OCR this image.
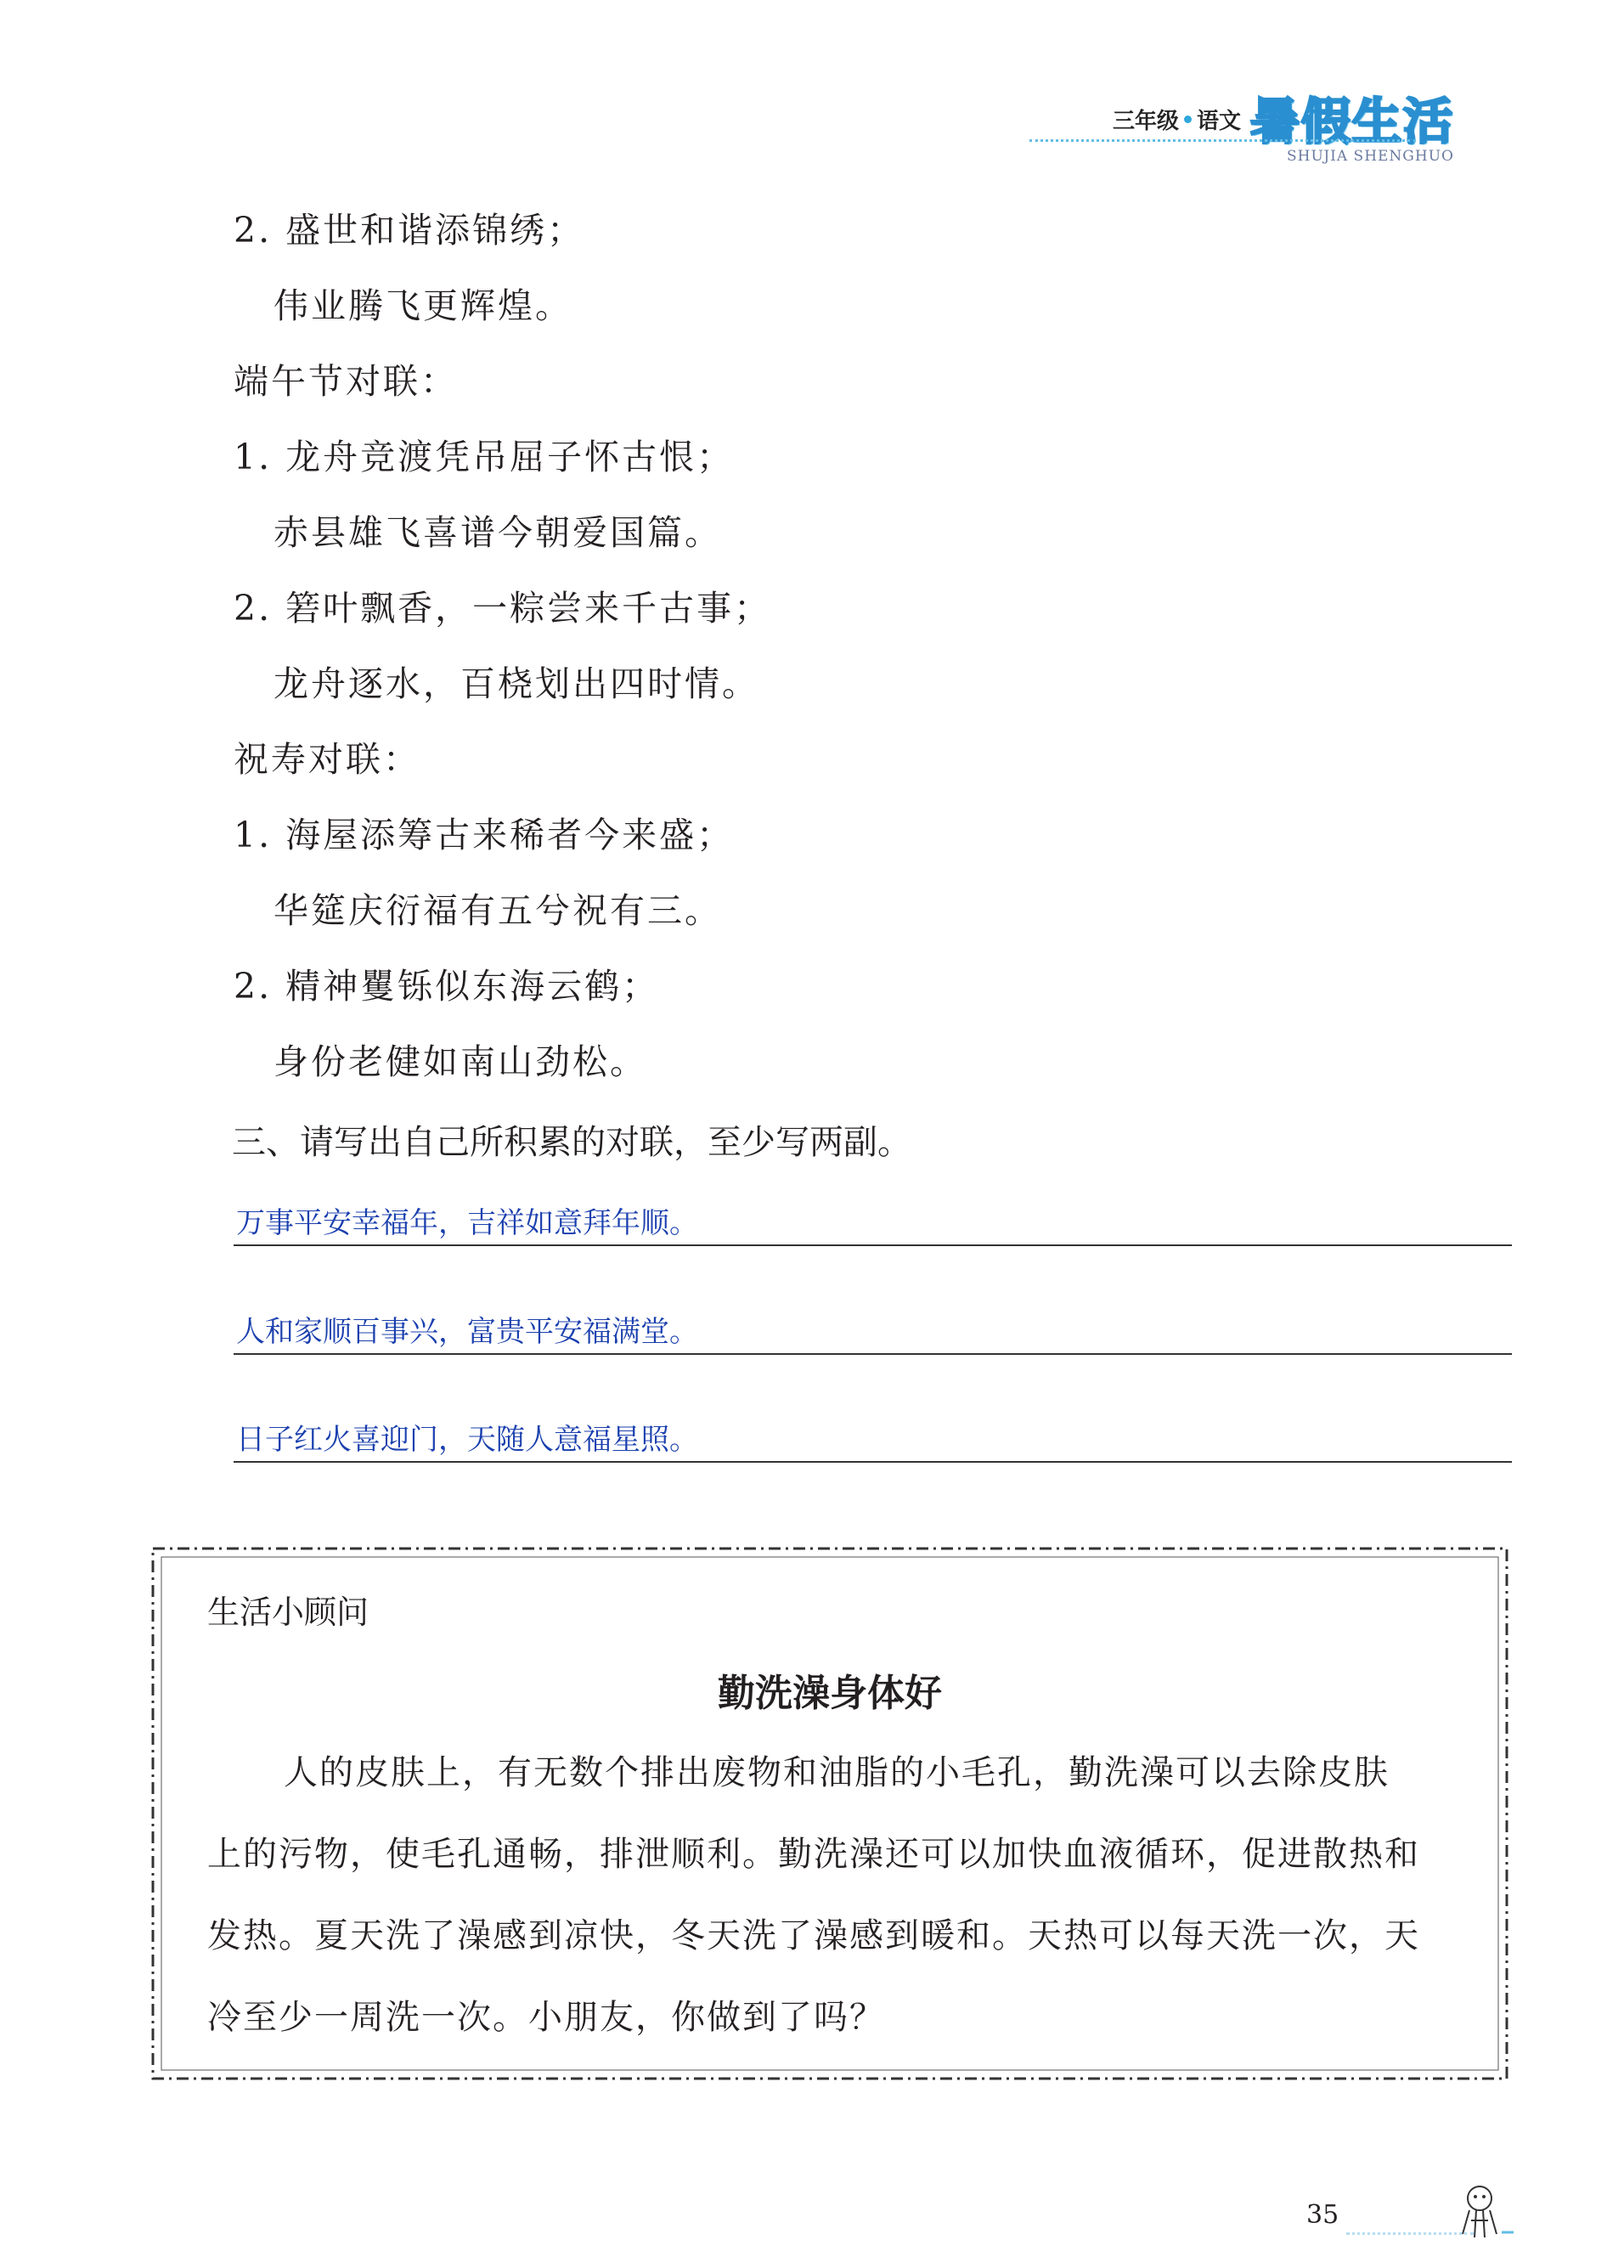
三年级 语文 暑假生活
SHUJIA SHENGHUO
2. 盛世和谐添锦绣；
伟业腾飞更辉煌。
端午节对联：
1. 龙舟竞渡凭吊屈子怀古恨；
赤县雄飞喜谱今朝爱国篇。
2. 箬叶飘香，一粽尝来千古事；
龙舟逐水，百桡划出四时情。
祝寿对联：
1. 海屋添筹古来稀者今来盛；
华筵庆衍福有五兮祝有三。
2. 精神矍铄似东海云鹤；
身份老健如南山劲松。
三、请写出自己所积累的对联，至少写两副。
万事平安幸福年，吉祥如意拜年顺。
人和家顺百事兴，富贵平安福满堂。
日子红火喜迎门，天随人意福星照。
生活小顾问
勤洗澡身体好
人的皮肤上，有无数个排出废物和油脂的小毛孔，勤洗澡可以去除皮肤
上的污物，使毛孔通畅，排泄顺利。勤洗澡还可以加快血液循环，促进散热和
发热。夏天洗了澡感到凉快，冬天洗了澡感到暖和。天热可以每天洗一次，天
冷至少一周洗一次。小朋友，你做到了吗？
35
